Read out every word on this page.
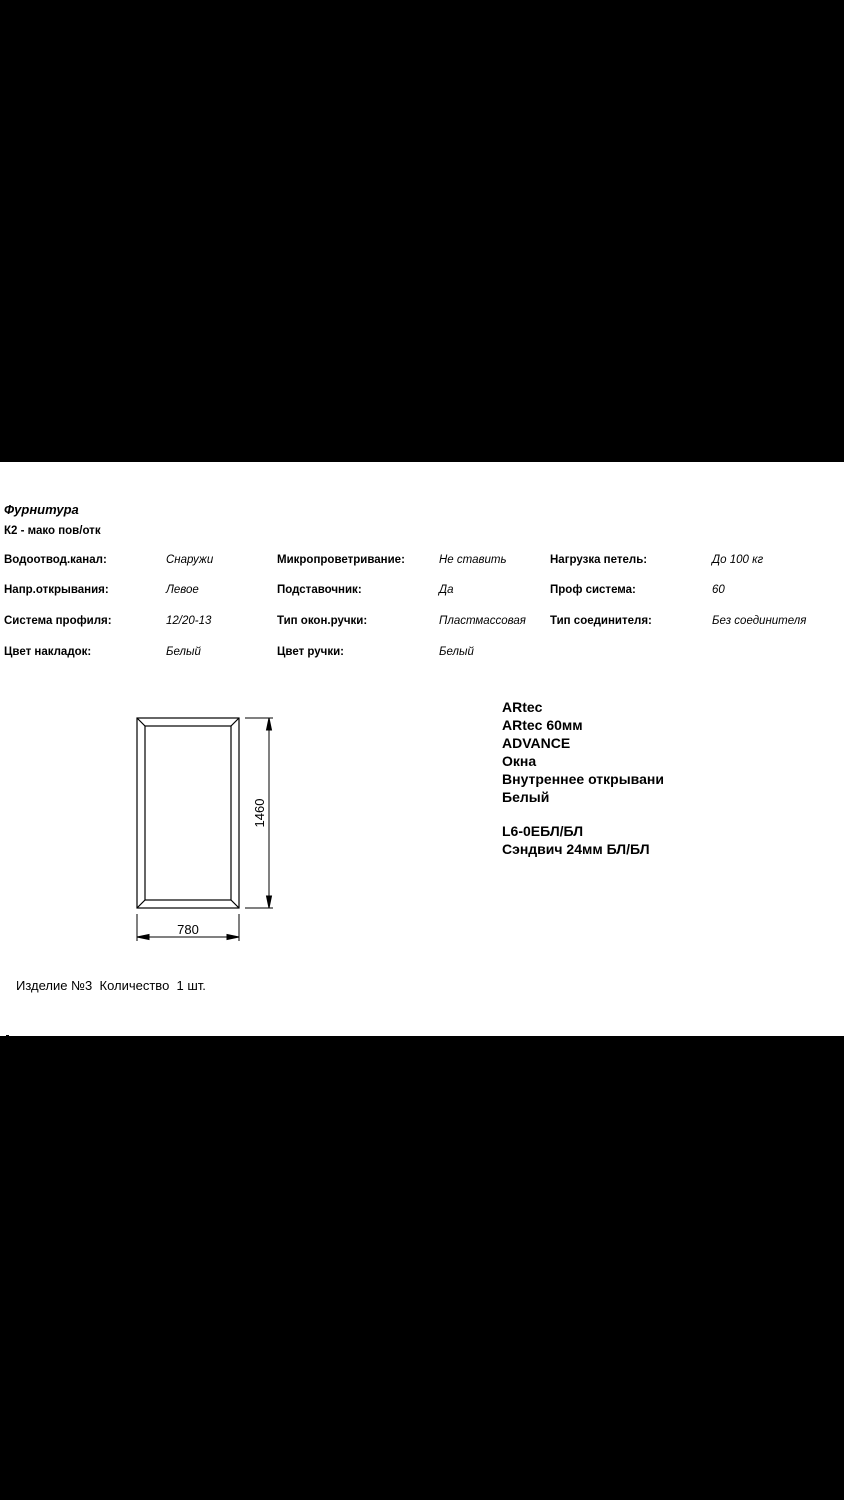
Фурнитура
К2 - мако пов/отк
Водоотвод.канал:	Снаружи	Микропроветривание:	Не ставить	Нагрузка петель:	До 100 кг
Напр.открывания:	Левое	Подставочник:	Да	Проф система:	60
Система профиля:	12/20-13	Тип окон.ручки:	Пластмассовая Тип соединителя:	Без соединителя
Цвет накладок:	Белый	Цвет ручки:	Белый
780
1460
ARtec
ARtec 60мм
ADVANCE
Окна
Внутреннее открывани
Белый
L6-0ЕБЛ/БЛ
Сэндвич 24мм БЛ/БЛ
Изделие №3  Количество  1 шт.
